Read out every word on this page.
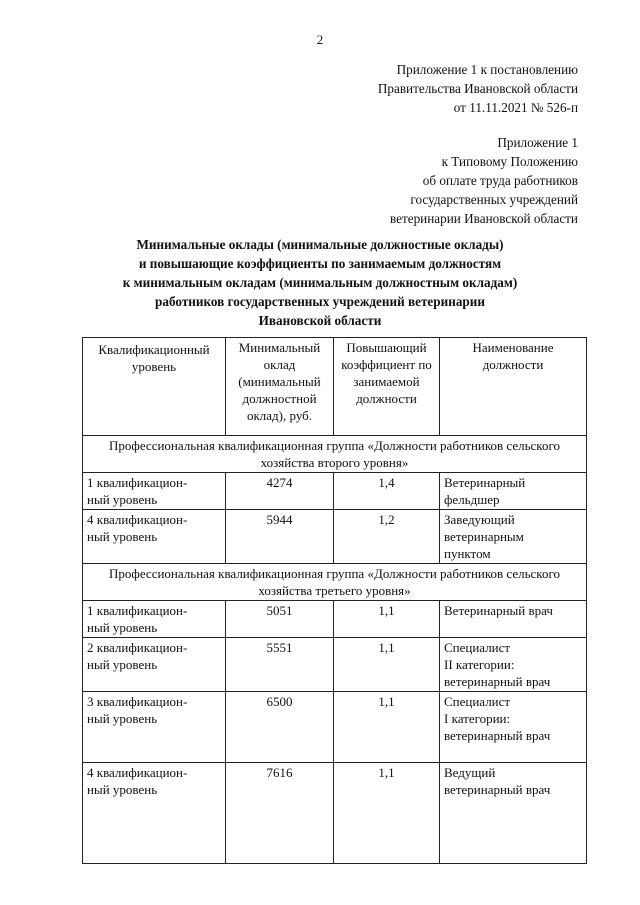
2
Приложение 1 к постановлению
Правительства Ивановской области
от 11.11.2021 № 526-п
Приложение 1
к Типовому Положению
об оплате труда работников
государственных учреждений
ветеринарии Ивановской области
Минимальные оклады (минимальные должностные оклады)
и повышающие коэффициенты по занимаемым должностям
к минимальным окладам (минимальным должностным окладам)
работников государственных учреждений ветеринарии
Ивановской области
Квалификационный уровень	Минимальный оклад (минимальный должностной оклад), руб.	Повышающий коэффициент по занимаемой должности	Наименование должности
Профессиональная квалификационная группа «Должности работников сельского хозяйства второго уровня»			
1 квалификацион-
ный уровень	4274	1,4	Ветеринарный
фельдшер
4 квалификацион-
ный уровень	5944	1,2	Заведующий
ветеринарным
пунктом
Профессиональная квалификационная группа «Должности работников сельского хозяйства третьего уровня»			
1 квалификацион-
ный уровень	5051	1,1	Ветеринарный врач
2 квалификацион-
ный уровень	5551	1,1	Специалист
II категории:
ветеринарный врач
3 квалификацион-
ный уровень	6500	1,1	Специалист
I категории:
ветеринарный врач
4 квалификацион-
ный уровень	7616	1,1	Ведущий
ветеринарный врач
